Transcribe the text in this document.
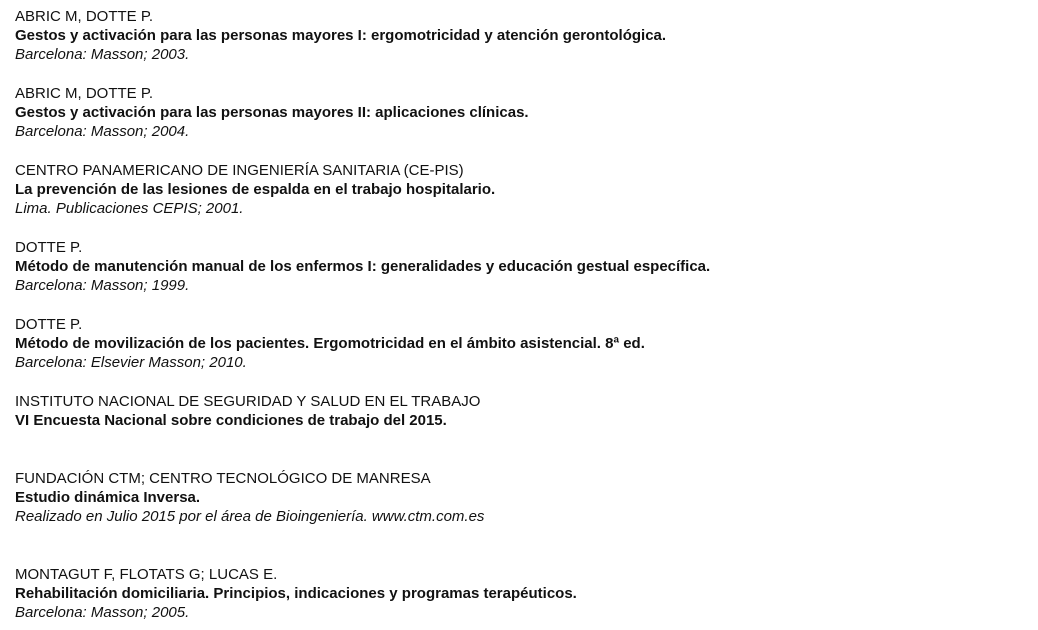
ABRIC M, DOTTE P.
Gestos y activación para las personas mayores I: ergomotricidad y atención gerontológica.
Barcelona: Masson; 2003.
ABRIC M, DOTTE P.
Gestos y activación para las personas mayores II: aplicaciones clínicas.
Barcelona: Masson; 2004.
CENTRO PANAMERICANO DE INGENIERÍA SANITARIA (CE-PIS)
La prevención de las lesiones de espalda en el trabajo hospitalario.
Lima. Publicaciones CEPIS; 2001.
DOTTE P.
Método de manutención manual de los enfermos I: generalidades y educación gestual específica.
Barcelona: Masson; 1999.
DOTTE P.
Método de movilización de los pacientes. Ergomotricidad en el ámbito asistencial. 8ª ed.
Barcelona: Elsevier Masson; 2010.
INSTITUTO NACIONAL DE SEGURIDAD Y SALUD EN EL TRABAJO
VI Encuesta Nacional sobre condiciones de trabajo del 2015.
FUNDACIÓN CTM; CENTRO TECNOLÓGICO DE MANRESA
Estudio dinámica Inversa.
Realizado en Julio 2015 por el área de Bioingeniería. www.ctm.com.es
MONTAGUT F, FLOTATS G; LUCAS E.
Rehabilitación domiciliaria. Principios, indicaciones y programas terapéuticos.
Barcelona: Masson; 2005.
